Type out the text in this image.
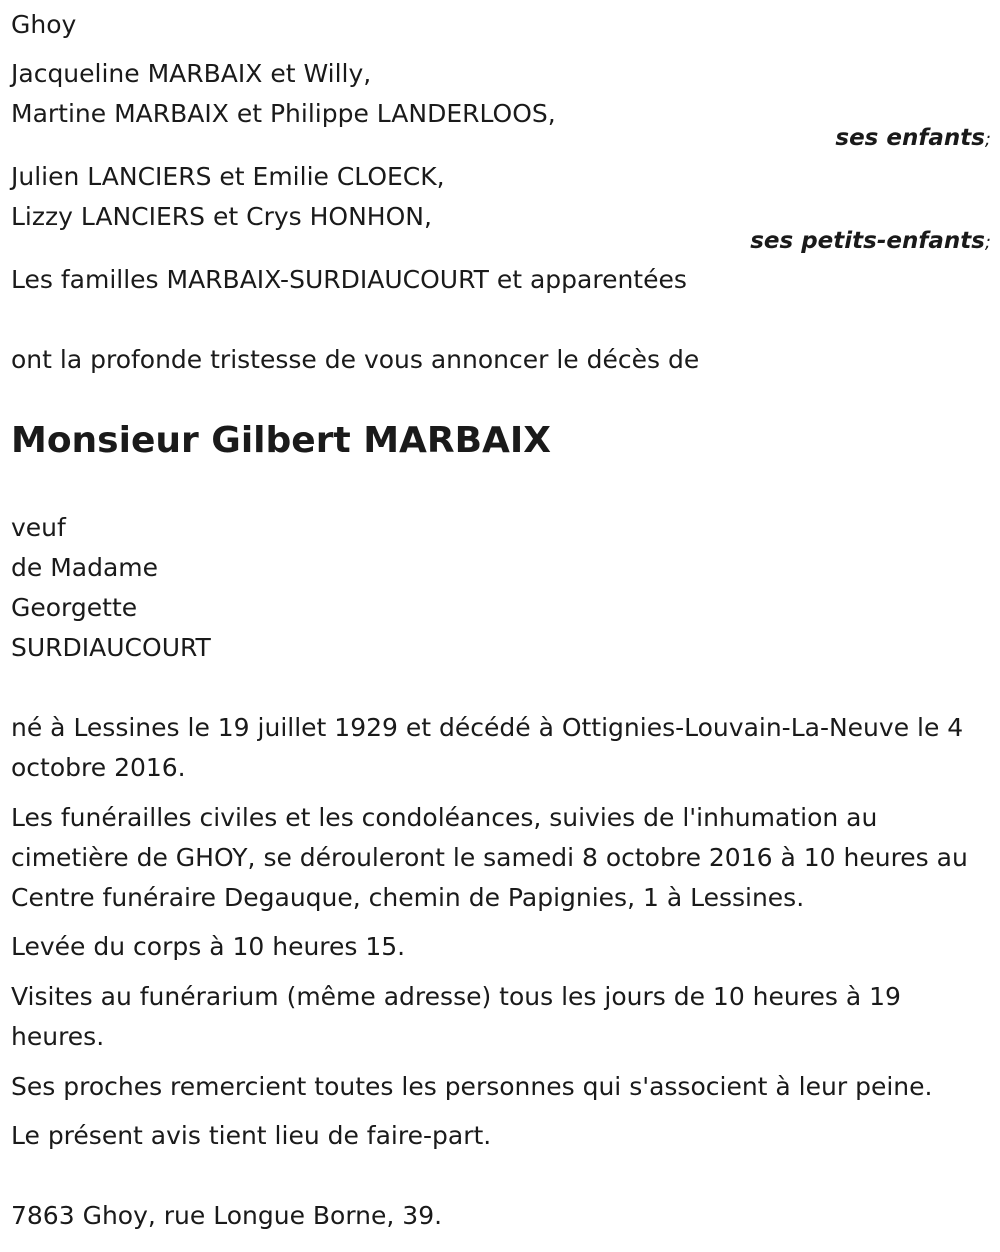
Ghoy
Jacqueline MARBAIX et Willy,
Martine MARBAIX et Philippe LANDERLOOS,
ses enfants;
Julien LANCIERS et Emilie CLOECK,
Lizzy LANCIERS et Crys HONHON,
ses petits-enfants;
Les familles MARBAIX-SURDIAUCOURT et apparentées
ont la profonde tristesse de vous annoncer le décès de
Monsieur Gilbert MARBAIX
veuf
de Madame
Georgette
SURDIAUCOURT
né à Lessines le 19 juillet 1929 et décédé à Ottignies-Louvain-La-Neuve le 4 octobre 2016.
Les funérailles civiles et les condoléances, suivies de l'inhumation au cimetière de GHOY, se dérouleront le samedi 8 octobre 2016 à 10 heures au Centre funéraire Degauque, chemin de Papignies, 1 à Lessines.
Levée du corps à 10 heures 15.
Visites au funérarium (même adresse) tous les jours de 10 heures à 19 heures.
Ses proches remercient toutes les personnes qui s'associent à leur peine.
Le présent avis tient lieu de faire-part.
7863 Ghoy, rue Longue Borne, 39.
